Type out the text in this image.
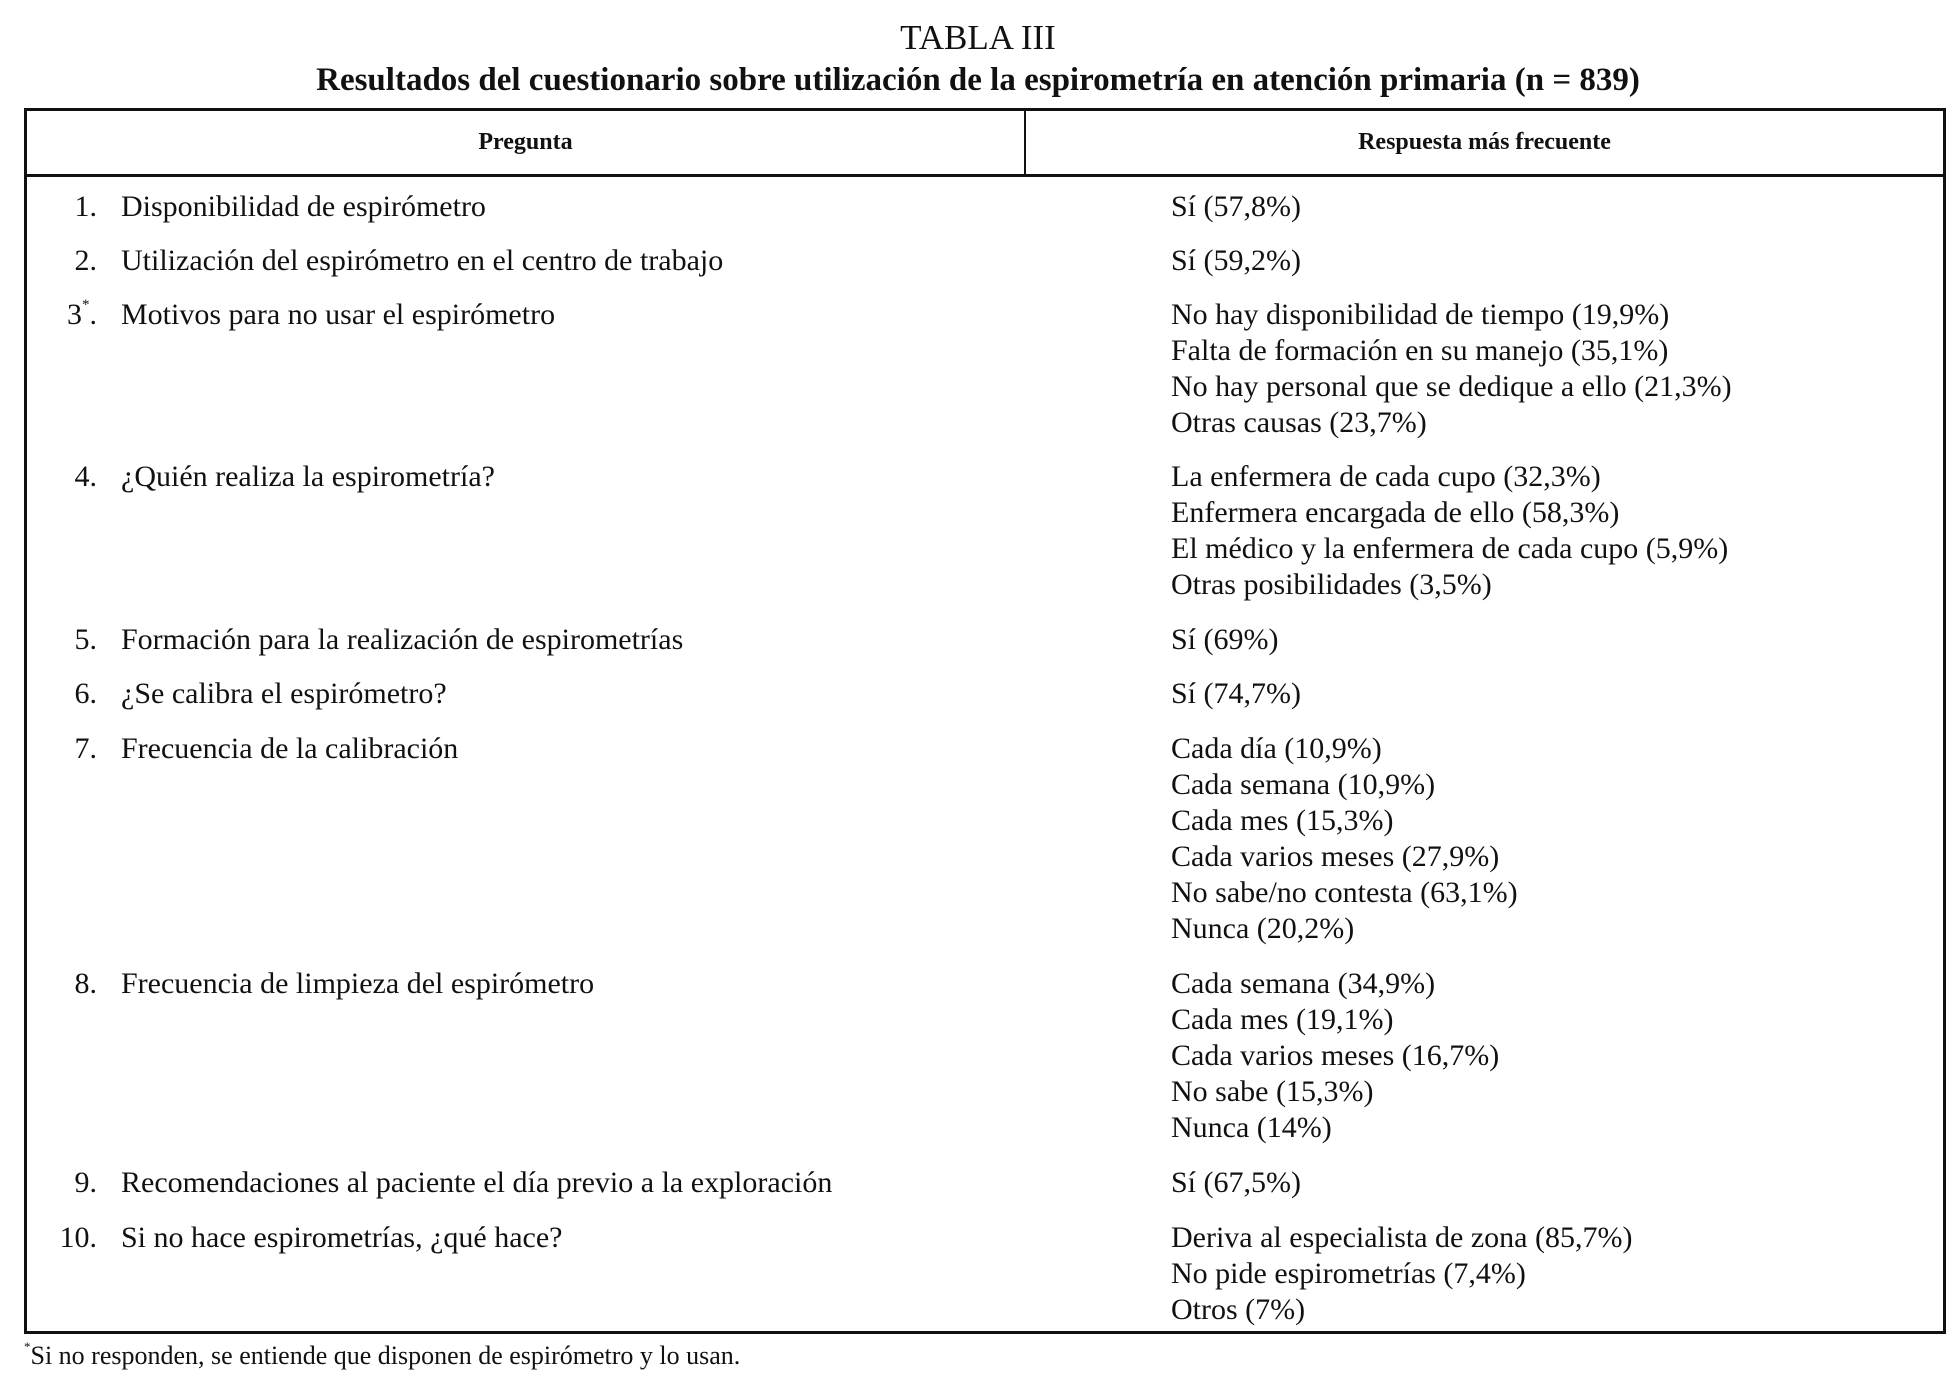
TABLA III
Resultados del cuestionario sobre utilización de la espirometría en atención primaria (n = 839)
Pregunta	Respuesta más frecuente
1. Disponibilidad de espirómetro	Sí (57,8%)
2. Utilización del espirómetro en el centro de trabajo	Sí (59,2%)
3*. Motivos para no usar el espirómetro	No hay disponibilidad de tiempo (19,9%)
Falta de formación en su manejo (35,1%)
No hay personal que se dedique a ello (21,3%)
Otras causas (23,7%)
4. ¿Quién realiza la espirometría?	La enfermera de cada cupo (32,3%)
Enfermera encargada de ello (58,3%)
El médico y la enfermera de cada cupo (5,9%)
Otras posibilidades (3,5%)
5. Formación para la realización de espirometrías	Sí (69%)
6. ¿Se calibra el espirómetro?	Sí (74,7%)
7. Frecuencia de la calibración	Cada día (10,9%)
Cada semana (10,9%)
Cada mes (15,3%)
Cada varios meses (27,9%)
No sabe/no contesta (63,1%)
Nunca (20,2%)
8. Frecuencia de limpieza del espirómetro	Cada semana (34,9%)
Cada mes (19,1%)
Cada varios meses (16,7%)
No sabe (15,3%)
Nunca (14%)
9. Recomendaciones al paciente el día previo a la exploración	Sí (67,5%)
10. Si no hace espirometrías, ¿qué hace?	Deriva al especialista de zona (85,7%)
No pide espirometrías (7,4%)
Otros (7%)
*Si no responden, se entiende que disponen de espirómetro y lo usan.
